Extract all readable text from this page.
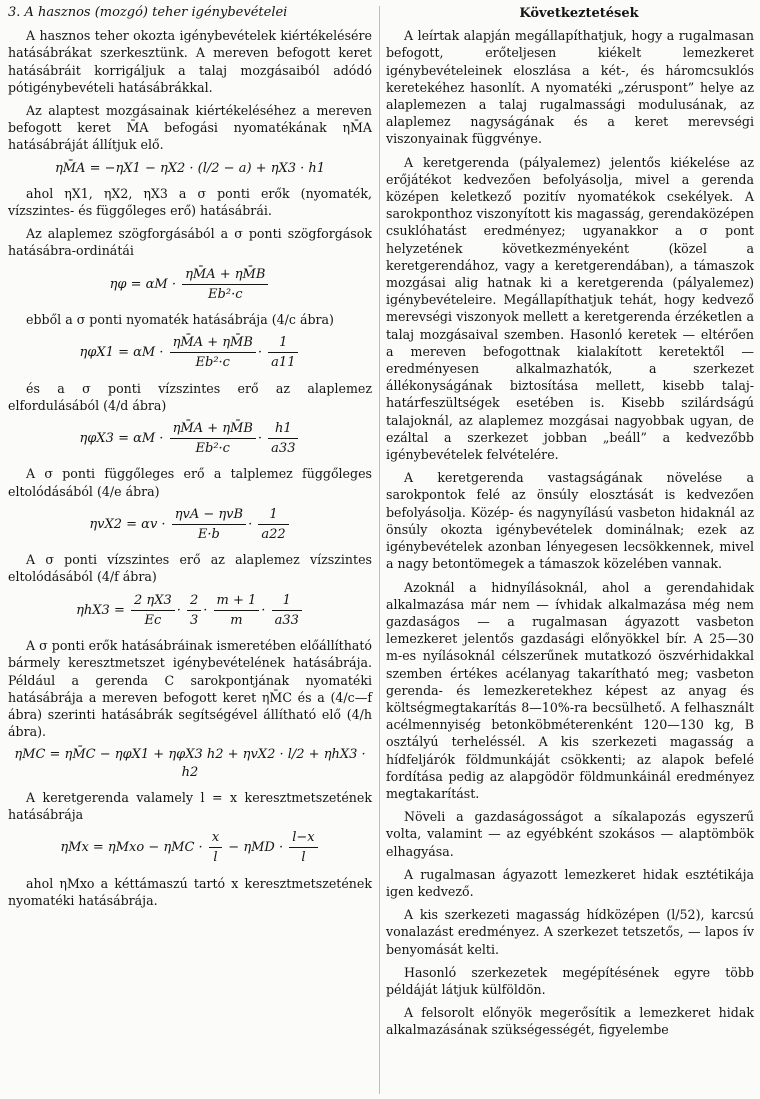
3. A hasznos (mozgó) teher igénybevételei

A hasznos teher okozta igénybevételek kiértékelésére hatásábrákat szerkesztünk. A mereven befogott keret hatásábráit korrigáljuk a talaj mozgásaiból adódó pótigénybevételi hatásábrákkal.

Az alaptest mozgásainak kiértékeléséhez a mereven befogott keret M̄A befogási nyomatékának ηM̄A hatásábráját állítjuk elő.

ηM̄A = −ηX1 − ηX2 · (l/2 − a) + ηX3 · h1

ahol ηX1, ηX2, ηX3 a σ ponti erők (nyomaték, vízszintes- és függőleges erő) hatásábrái.

Az alaplemez szögforgásából a σ ponti szögforgások hatásábra-ordinátái

$\eta\varphi = \alpha M \cdot \frac{\eta M̄A + \eta M̄B}{\text{Eb²·c}}$

ebből a σ ponti nyomaték hatásábrája (4/c ábra)

$\eta\varphi X1 = \alpha M \cdot \frac{\eta M̄A + \eta M̄B}{\text{Eb²·c}} \cdot \frac{1}{a11}$

és a σ ponti vízszintes erő az alaplemez elfordulásából (4/d ábra)

$\eta\varphi X3 = \alpha M \cdot \frac{\eta M̄A + \eta M̄B}{\text{Eb²·c}} \cdot \frac{h1}{a33}$

A σ ponti függőleges erő a talplemez függőleges eltolódásából (4/e ábra)

$\eta vX2 = \alpha v \cdot \frac{\text{ηvA − ηvB}}{E\cdot b} \cdot \frac{1}{a22}$

A σ ponti vízszintes erő az alaplemez vízszintes eltolódásából (4/f ábra)

$\eta hX3 = \frac{2 \eta X3}{Ec} \cdot \frac{2}{3} \cdot \frac{m + 1}{m} \cdot \frac{1}{a33}$

A σ ponti erők hatásábráinak ismeretében előállítható bármely keresztmetszet igénybevételének hatásábrája. Például a gerenda C sarokpontjának nyomatéki hatásábrája a mereven befogott keret ηM̄C és a (4/c—f ábra) szerinti hatásábrák segítségével állítható elő (4/h ábra).

ηMC = ηM̄C − ηφX1 + ηφX3 h2 + ηvX2 · l/2 + ηhX3 · h2

A keretgerenda valamely l = x keresztmetszetének hatásábrája

$\eta Mx = \eta Mxo - \eta MC \cdot \frac{x}{l} - \eta MD \cdot \frac{l-x}{l}$

ahol ηMxo a kéttámaszú tartó x keresztmetszetének nyomatéki hatásábrája.

Következtetések

A leírtak alapján megállapíthatjuk, hogy a rugalmasan befogott, erőteljesen kiékelt lemezkeret igénybevételeinek eloszlása a két-, és háromcsuklós keretekéhez hasonlít. A nyomatéki „zéruspont” helye az alaplemezen a talaj rugalmassági modulusának, az alaplemez nagyságának és a keret merevségi viszonyainak függvénye.

A keretgerenda (pályalemez) jelentős kiékelése az erőjátékot kedvezően befolyásolja, mivel a gerenda középen keletkező pozitív nyomatékok csekélyek. A sarokponthoz viszonyított kis magasság, gerendaközépen csuklóhatást eredményez; ugyanakkor a σ pont helyzetének következményeként (közel a keretgerendához, vagy a keretgerendában), a támaszok mozgásai alig hatnak ki a keretgerenda (pályalemez) igénybevételeire. Megállapíthatjuk tehát, hogy kedvező merevségi viszonyok mellett a keretgerenda érzéketlen a talaj mozgásaival szemben. Hasonló keretek — eltérően a mereven befogottnak kialakított keretektől — eredményesen alkalmazhatók, a szerkezet állékonyságának biztosítása mellett, kisebb talaj- határfeszültségek esetében is. Kisebb szilárdságú talajoknál, az alaplemez mozgásai nagyobbak ugyan, de ezáltal a szerkezet jobban „beáll” a kedvezőbb igénybevételek felvételére.

A keretgerenda vastagságának növelése a sarokpontok felé az önsúly elosztását is kedvezően befolyásolja. Közép- és nagynyílású vasbeton hidaknál az önsúly okozta igénybevételek dominálnak; ezek az igénybevételek azonban lényegesen lecsökkennek, mivel a nagy betontömegek a támaszok közelében vannak.

Azoknál a hidnyílásoknál, ahol a gerendahidak alkalmazása már nem — ívhidak alkalmazása még nem gazdaságos — a rugalmasan ágyazott vasbeton lemezkeret jelentős gazdasági előnyökkel bír. A 25—30 m-es nyílásoknál célszerűnek mutatkozó öszvérhidakkal szemben értékes acélanyag takarítható meg; vasbeton gerenda- és lemezkeretekhez képest az anyag és költségmegtakarítás 8—10%-ra becsülhető. A felhasznált acélmennyiség betonköbméterenként 120—130 kg, B osztályú terheléssél. A kis szerkezeti magasság a hídfeljárók földmunkáját csökkenti; az alapok befelé fordítása pedig az alapgödör földmunkáinál eredményez megtakarítást.

Növeli a gazdaságosságot a síkalapozás egyszerű volta, valamint — az egyébként szokásos — alaptömbök elhagyása.

A rugalmasan ágyazott lemezkeret hidak esztétikája igen kedvező.

A kis szerkezeti magasság hídközépen (l/52), karcsú vonalazást eredményez. A szerkezet tetszetős, — lapos ív benyomását kelti.

Hasonló szerkezetek megépítésének egyre több példáját látjuk külföldön.

A felsorolt előnyök megerősítik a lemezkeret hidak alkalmazásának szükségességét, figyelembe
